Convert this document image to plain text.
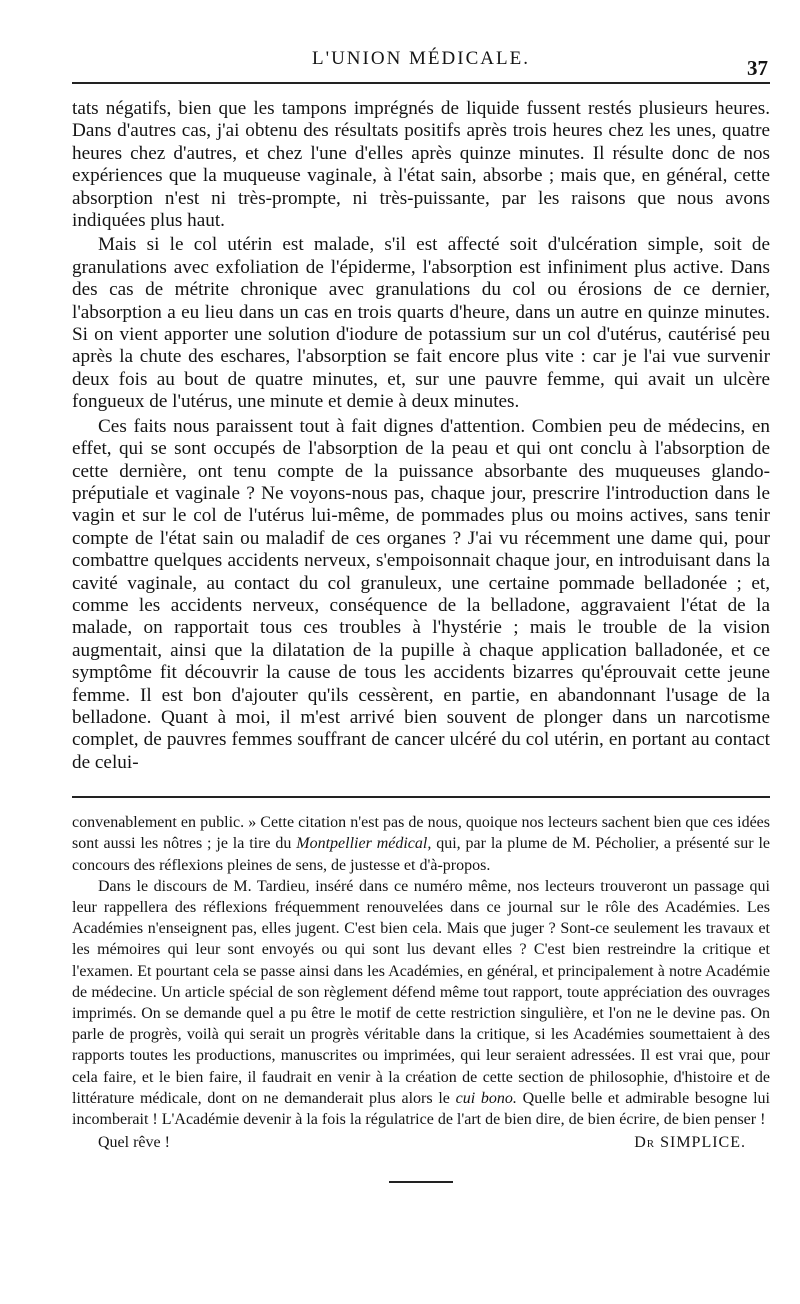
L'UNION MÉDICALE.	37

tats négatifs, bien que les tampons imprégnés de liquide fussent restés plusieurs heures. Dans d'autres cas, j'ai obtenu des résultats positifs après trois heures chez les unes, quatre heures chez d'autres, et chez l'une d'elles après quinze minutes. Il résulte donc de nos expériences que la muqueuse vaginale, à l'état sain, absorbe ; mais que, en général, cette absorption n'est ni très-prompte, ni très-puissante, par les raisons que nous avons indiquées plus haut.

Mais si le col utérin est malade, s'il est affecté soit d'ulcération simple, soit de granulations avec exfoliation de l'épiderme, l'absorption est infiniment plus active. Dans des cas de métrite chronique avec granulations du col ou érosions de ce dernier, l'absorption a eu lieu dans un cas en trois quarts d'heure, dans un autre en quinze minutes. Si on vient apporter une solution d'iodure de potassium sur un col d'utérus, cautérisé peu après la chute des eschares, l'absorption se fait encore plus vite : car je l'ai vue survenir deux fois au bout de quatre minutes, et, sur une pauvre femme, qui avait un ulcère fongueux de l'utérus, une minute et demie à deux minutes.

Ces faits nous paraissent tout à fait dignes d'attention. Combien peu de médecins, en effet, qui se sont occupés de l'absorption de la peau et qui ont conclu à l'absorption de cette dernière, ont tenu compte de la puissance absorbante des muqueuses glando-préputiale et vaginale ? Ne voyons-nous pas, chaque jour, prescrire l'introduction dans le vagin et sur le col de l'utérus lui-même, de pommades plus ou moins actives, sans tenir compte de l'état sain ou maladif de ces organes ? J'ai vu récemment une dame qui, pour combattre quelques accidents nerveux, s'empoisonnait chaque jour, en introduisant dans la cavité vaginale, au contact du col granuleux, une certaine pommade belladonée ; et, comme les accidents nerveux, conséquence de la belladone, aggravaient l'état de la malade, on rapportait tous ces troubles à l'hystérie ; mais le trouble de la vision augmentait, ainsi que la dilatation de la pupille à chaque application balladonée, et ce symptôme fit découvrir la cause de tous les accidents bizarres qu'éprouvait cette jeune femme. Il est bon d'ajouter qu'ils cessèrent, en partie, en abandonnant l'usage de la belladone. Quant à moi, il m'est arrivé bien souvent de plonger dans un narcotisme complet, de pauvres femmes souffrant de cancer ulcéré du col utérin, en portant au contact de celui-

convenablement en public. » Cette citation n'est pas de nous, quoique nos lecteurs sachent bien que ces idées sont aussi les nôtres ; je la tire du Montpellier médical, qui, par la plume de M. Pécholier, a présenté sur le concours des réflexions pleines de sens, de justesse et d'à-propos.

Dans le discours de M. Tardieu, inséré dans ce numéro même, nos lecteurs trouveront un passage qui leur rappellera des réflexions fréquemment renouvelées dans ce journal sur le rôle des Académies. Les Académies n'enseignent pas, elles jugent. C'est bien cela. Mais que juger ? Sont-ce seulement les travaux et les mémoires qui leur sont envoyés ou qui sont lus devant elles ? C'est bien restreindre la critique et l'examen. Et pourtant cela se passe ainsi dans les Académies, en général, et principalement à notre Académie de médecine. Un article spécial de son règlement défend même tout rapport, toute appréciation des ouvrages imprimés. On se demande quel a pu être le motif de cette restriction singulière, et l'on ne le devine pas. On parle de progrès, voilà qui serait un progrès véritable dans la critique, si les Académies soumettaient à des rapports toutes les productions, manuscrites ou imprimées, qui leur seraient adressées. Il est vrai que, pour cela faire, et le bien faire, il faudrait en venir à la création de cette section de philosophie, d'histoire et de littérature médicale, dont on ne demanderait plus alors le cui bono. Quelle belle et admirable besogne lui incomberait ! L'Académie devenir à la fois la régulatrice de l'art de bien dire, de bien écrire, de bien penser !

Quel rêve !	Dr SIMPLICE.
